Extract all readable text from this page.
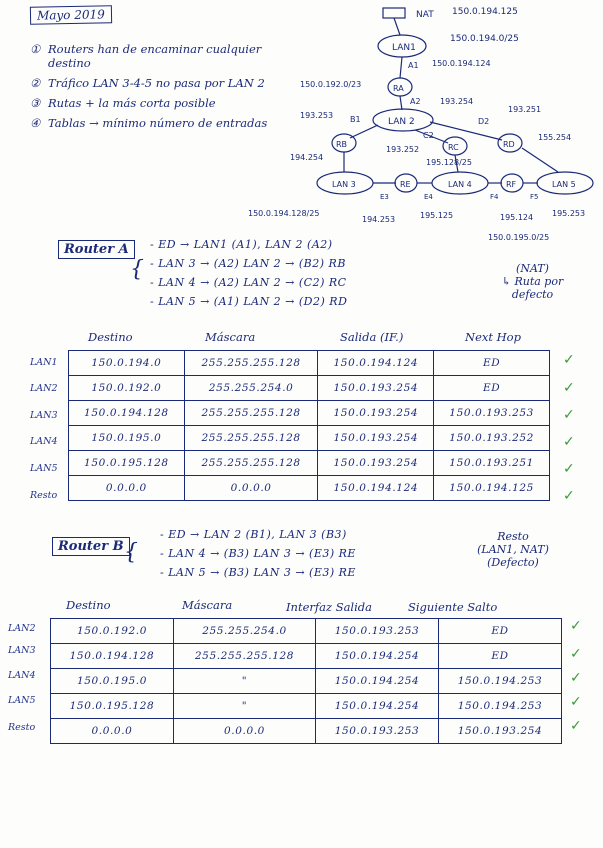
Mayo 2019
① Routers han de encaminar cualquier destino
② Tráfico LAN 3-4-5 no pasa por LAN 2
③ Rutas + la más corta posible
④ Tablas → mínimo número de entradas
NAT 150.0.194.125
LAN1
150.0.194.0/25
A1 150.0.194.124
RA
150.0.192.0/23
A2 193.254
LAN 2
B1
193.253
RB
C2
193.252	RC
D2
193.251
RD
155.254
195.128/25
194.254
LAN 3
E3
RE
E4
LAN 4
F4
RF
F5
LAN 5
150.0.194.128/25
194.253	195.125	195.124 195.253
150.0.195.0/25
Router A
{
- ED → LAN1 (A1), LAN 2 (A2)
- LAN 3 → (A2) LAN 2 → (B2) RB
- LAN 4 → (A2) LAN 2 → (C2) RC
- LAN 5 → (A1) LAN 2 → (D2) RD
(NAT)
↳ Ruta por
defecto
Destino	Máscara	Salida (IF.)	Next Hop
LAN1
LAN2
LAN3
LAN4
LAN5
Resto
150.0.194.0	255.255.255.128	150.0.194.124	ED
150.0.192.0	255.255.254.0	150.0.193.254	ED
150.0.194.128	255.255.255.128	150.0.193.254	150.0.193.253
150.0.195.0	255.255.255.128	150.0.193.254	150.0.193.252
150.0.195.128	255.255.255.128	150.0.193.254	150.0.193.251
0.0.0.0	0.0.0.0	150.0.194.124	150.0.194.125
✓
✓
✓
✓
✓
✓
Router B {
- ED → LAN 2 (B1), LAN 3 (B3)
- LAN 4 → (B3) LAN 3 → (E3) RE
- LAN 5 → (B3) LAN 3 → (E3) RE
Resto
(LAN1, NAT)
(Defecto)
Destino	Máscara	Interfaz Salida	Siguiente Salto
LAN2
LAN3
LAN4
LAN5
Resto
150.0.192.0	255.255.254.0	150.0.193.253	ED
150.0.194.128	255.255.255.128	150.0.194.254	ED
150.0.195.0	"	150.0.194.254	150.0.194.253
150.0.195.128	"	150.0.194.254	150.0.194.253
0.0.0.0	0.0.0.0	150.0.193.253	150.0.193.254
✓
✓
✓
✓
✓
